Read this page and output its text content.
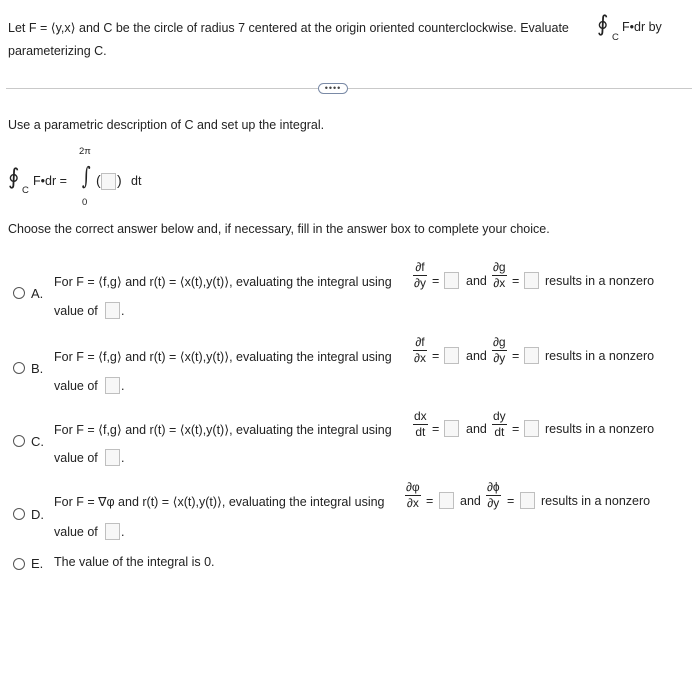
Let F = ⟨y,x⟩ and C be the circle of radius 7 centered at the origin oriented counterclockwise. Evaluate ∮
C
F•dr by
parameterizing C.
••••
Use a parametric description of C and set up the integral.
∮
C
F•dr =
2π
∫
0
( ) dt
Choose the correct answer below and, if necessary, fill in the answer box to complete your choice.
A.
For F = ⟨f,g⟩ and r(t) = ⟨x(t),y(t)⟩, evaluating the integral using
∂f
∂y = and
∂g
∂x = results in a nonzero
value of .
B.
For F = ⟨f,g⟩ and r(t) = ⟨x(t),y(t)⟩, evaluating the integral using
∂f
∂x = and
∂g
∂y = results in a nonzero
value of .
C.
For F = ⟨f,g⟩ and r(t) = ⟨x(t),y(t)⟩, evaluating the integral using
dx
dt = and
dy
dt = results in a nonzero
value of .
D.
For F = ∇φ and r(t) = ⟨x(t),y(t)⟩, evaluating the integral using
∂φ
∂x = and
∂ϕ
∂y = results in a nonzero
value of .
E. The value of the integral is 0.
